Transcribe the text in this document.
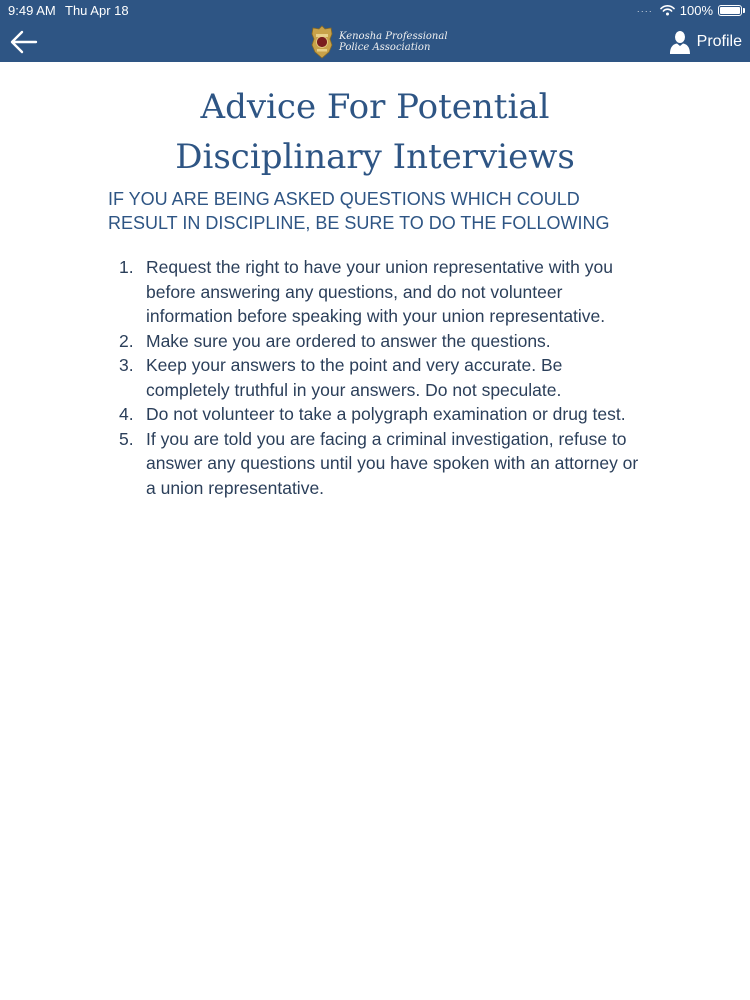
9:49 AM Thu Apr 18	···· 100%
Kenosha Professional
Police Association	Profile
Advice For Potential
Disciplinary Interviews
IF YOU ARE BEING ASKED QUESTIONS WHICH COULD
RESULT IN DISCIPLINE, BE SURE TO DO THE FOLLOWING
1. Request the right to have your union representative with you before answering any questions, and do not volunteer information before speaking with your union representative.
2. Make sure you are ordered to answer the questions.
3. Keep your answers to the point and very accurate. Be completely truthful in your answers. Do not speculate.
4. Do not volunteer to take a polygraph examination or drug test.
5. If you are told you are facing a criminal investigation, refuse to answer any questions until you have spoken with an attorney or a union representative.
